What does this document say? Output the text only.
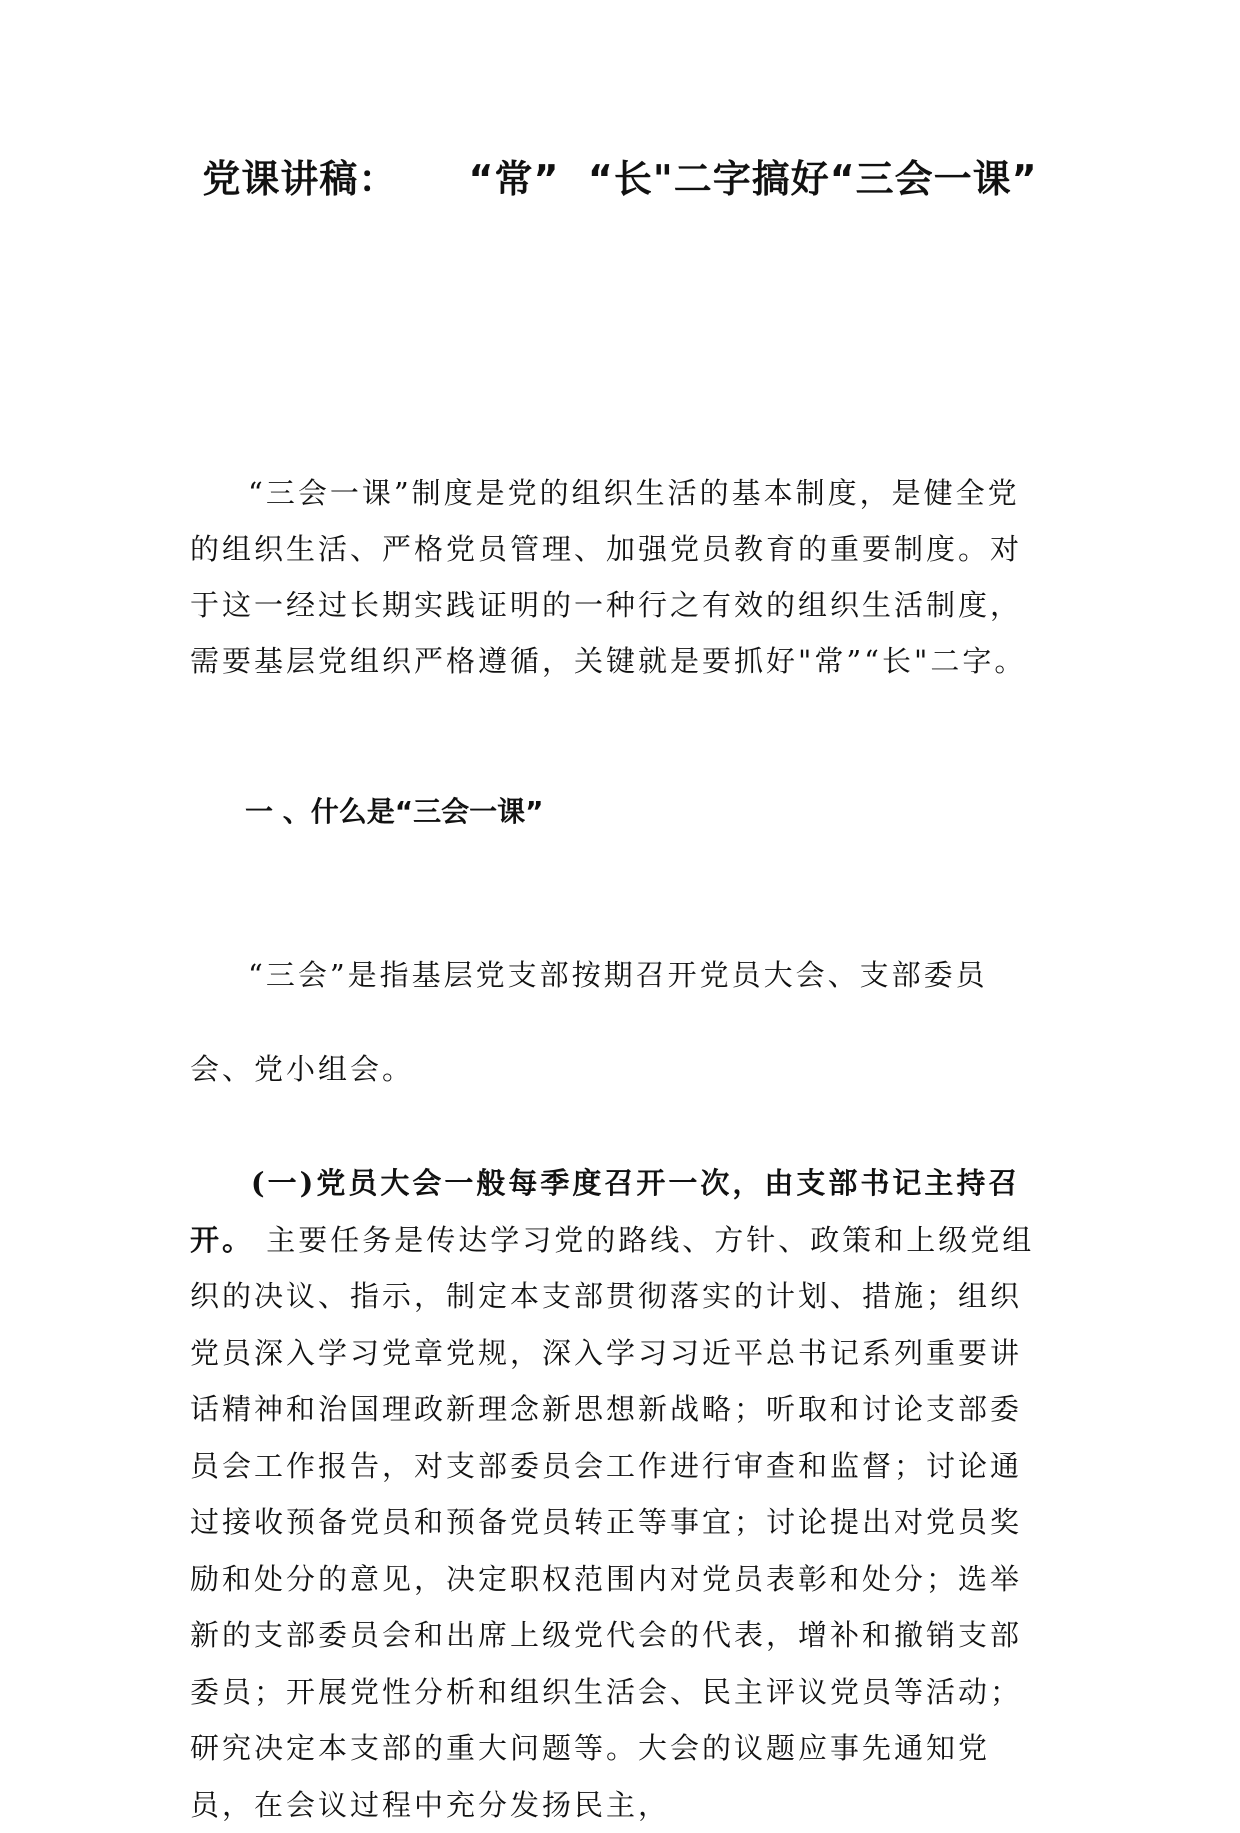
党课讲稿：     “常”  “长"二字搞好“三会一课”

“三会一课”制度是党的组织生活的基本制度，是健全党的组织生活、严格党员管理、加强党员教育的重要制度。对于这一经过长期实践证明的一种行之有效的组织生活制度，需要基层党组织严格遵循，关键就是要抓好"常”“长"二字。

一 、什么是“三会一课”

“三会”是指基层党支部按期召开党员大会、支部委员会、党小组会。

(一)党员大会一般每季度召开一次，由支部书记主持召开。 主要任务是传达学习党的路线、方针、政策和上级党组织的决议、指示，制定本支部贯彻落实的计划、措施；组织党员深入学习党章党规，深入学习习近平总书记系列重要讲话精神和治国理政新理念新思想新战略；听取和讨论支部委员会工作报告，对支部委员会工作进行审查和监督；讨论通过接收预备党员和预备党员转正等事宜；讨论提出对党员奖励和处分的意见，决定职权范围内对党员表彰和处分；选举新的支部委员会和出席上级党代会的代表，增补和撤销支部委员；开展党性分析和组织生活会、民主评议党员等活动；研究决定本支部的重大问题等。大会的议题应事先通知党员，在会议过程中充分发扬民主，
